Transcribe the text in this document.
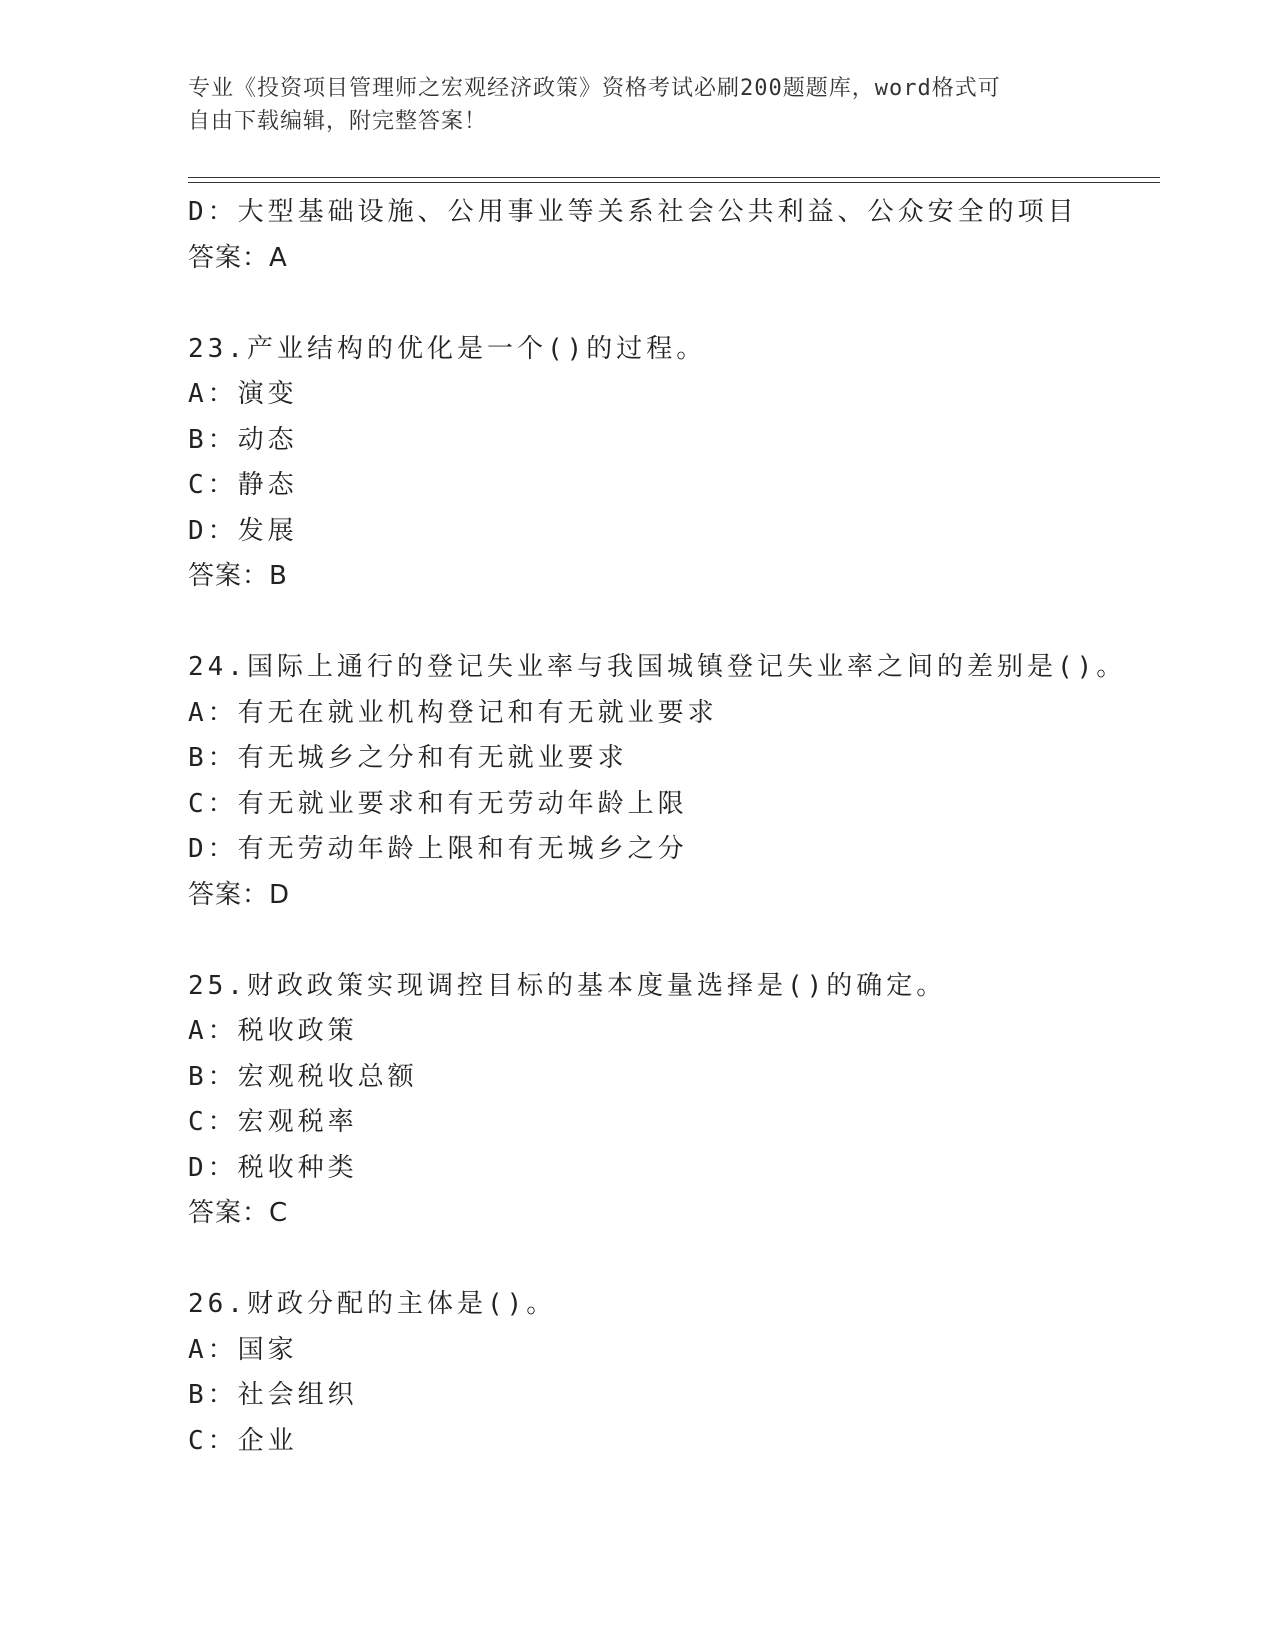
专业《投资项目管理师之宏观经济政策》资格考试必刷200题题库，word格式可
自由下载编辑，附完整答案！
D：大型基础设施、公用事业等关系社会公共利益、公众安全的项目
答案：A
23.产业结构的优化是一个()的过程。
A：演变
B：动态
C：静态
D：发展
答案：B
24.国际上通行的登记失业率与我国城镇登记失业率之间的差别是()。
A：有无在就业机构登记和有无就业要求
B：有无城乡之分和有无就业要求
C：有无就业要求和有无劳动年龄上限
D：有无劳动年龄上限和有无城乡之分
答案：D
25.财政政策实现调控目标的基本度量选择是()的确定。
A：税收政策
B：宏观税收总额
C：宏观税率
D：税收种类
答案：C
26.财政分配的主体是()。
A：国家
B：社会组织
C：企业
